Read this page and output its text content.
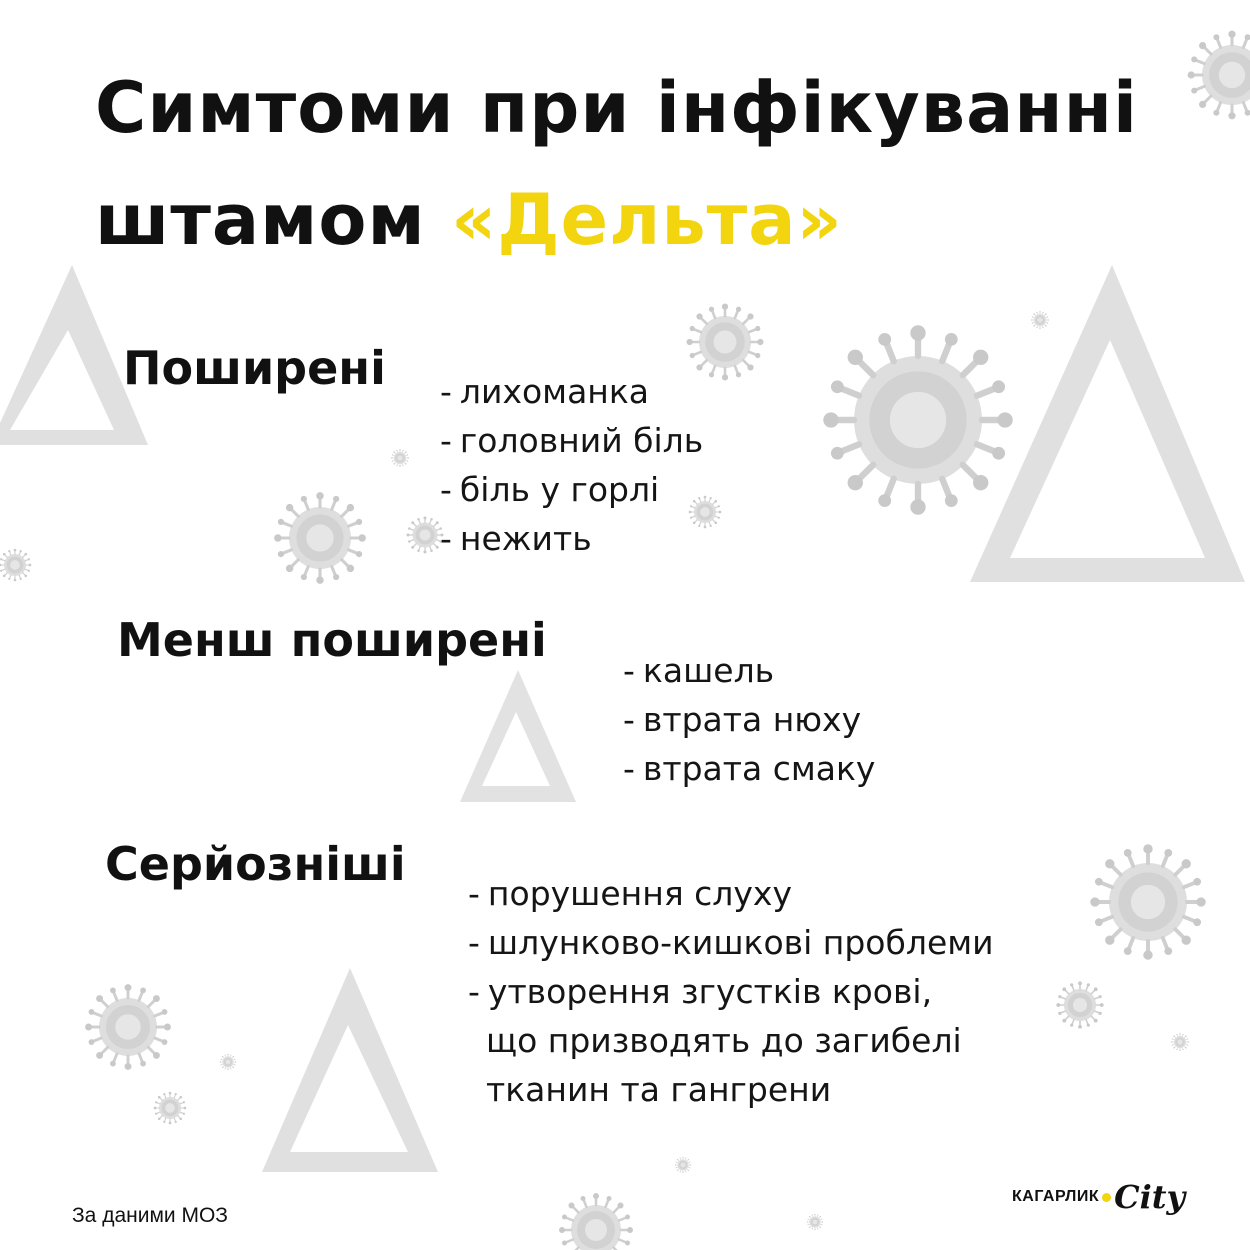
Симтоми при інфікуванні
штамом «Дельта»
Поширені - лихоманка
- головний біль
- біль у горлі
- нежить
Менш поширені
- кашель
- втрата нюху
- втрата смаку
Серйозніші
- порушення слуху
- шлунково-кишкові проблеми
- утворення згустків крові,
що призводять до загибелі
тканин та гангрени
За даними МОЗ
КАГАРЛИК City
